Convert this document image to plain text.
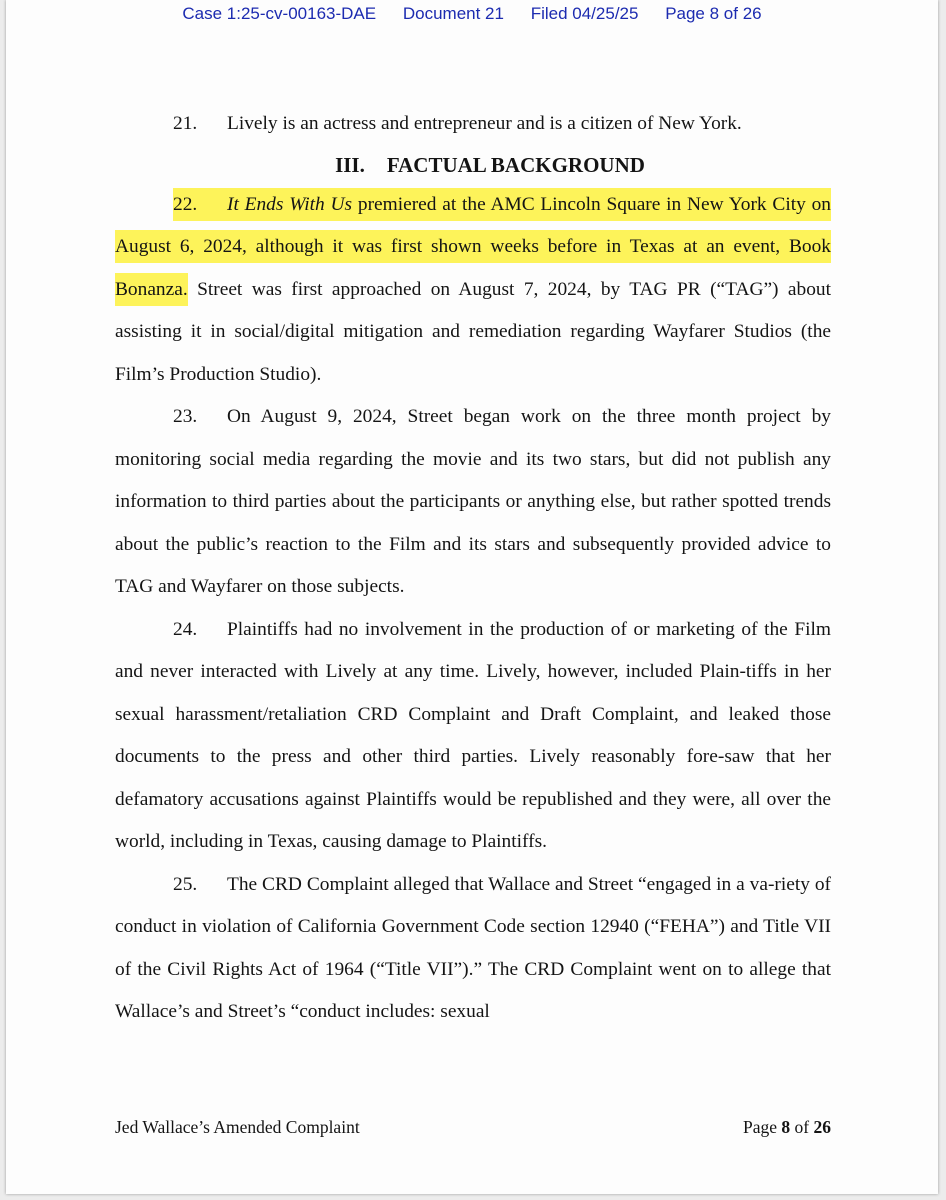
Case 1:25-cv-00163-DAE Document 21 Filed 04/25/25 Page 8 of 26

21. Lively is an actress and entrepreneur and is a citizen of New York.

III. FACTUAL BACKGROUND

22. It Ends With Us premiered at the AMC Lincoln Square in New York City on August 6, 2024, although it was first shown weeks before in Texas at an event, Book Bonanza. Street was first approached on August 7, 2024, by TAG PR (“TAG”) about assisting it in social/digital mitigation and remediation regarding Wayfarer Studios (the Film’s Production Studio).

23. On August 9, 2024, Street began work on the three month project by monitoring social media regarding the movie and its two stars, but did not publish any information to third parties about the participants or anything else, but rather spotted trends about the public’s reaction to the Film and its stars and subsequently provided advice to TAG and Wayfarer on those subjects.

24. Plaintiffs had no involvement in the production of or marketing of the Film and never interacted with Lively at any time. Lively, however, included Plain-tiffs in her sexual harassment/retaliation CRD Complaint and Draft Complaint, and leaked those documents to the press and other third parties. Lively reasonably fore-saw that her defamatory accusations against Plaintiffs would be republished and they were, all over the world, including in Texas, causing damage to Plaintiffs.

25. The CRD Complaint alleged that Wallace and Street “engaged in a va-riety of conduct in violation of California Government Code section 12940 (“FEHA”) and Title VII of the Civil Rights Act of 1964 (“Title VII”).” The CRD Complaint went on to allege that Wallace’s and Street’s “conduct includes: sexual

Jed Wallace’s Amended Complaint	Page 8 of 26
